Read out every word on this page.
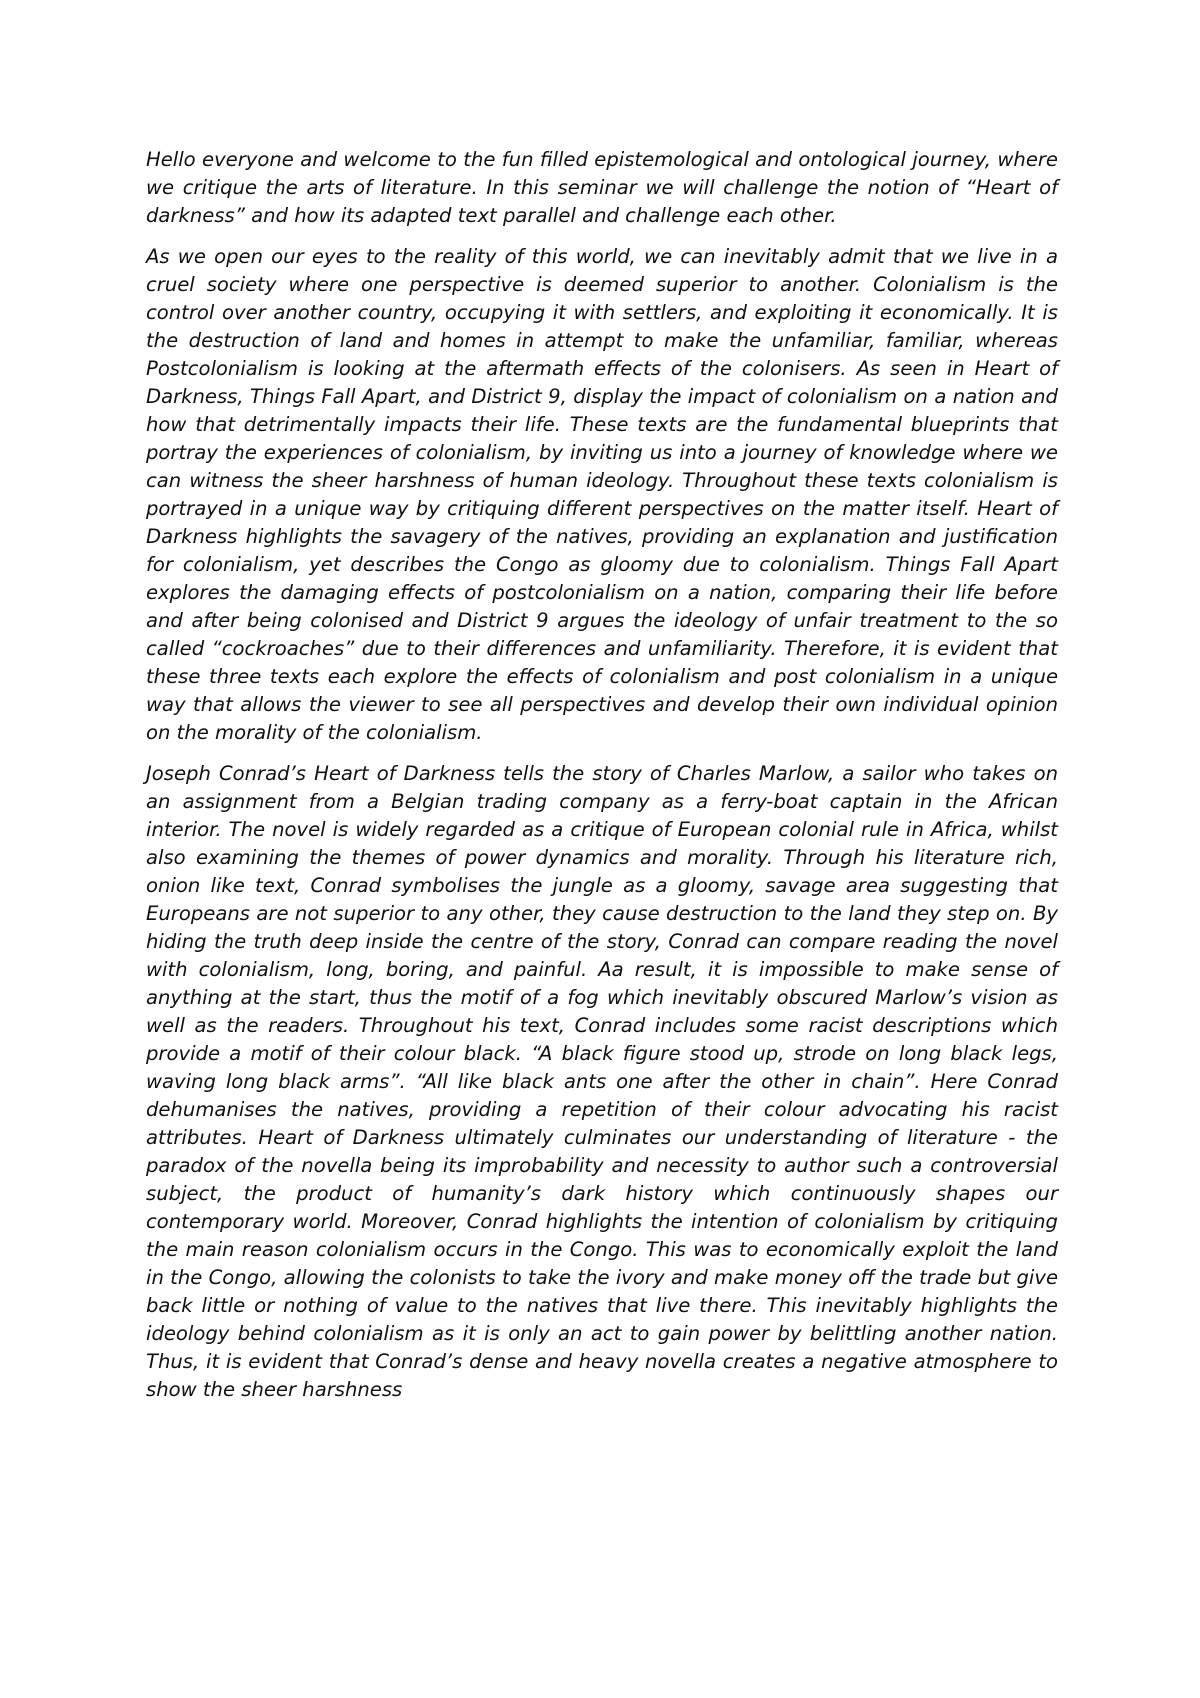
Hello everyone and welcome to the fun filled epistemological and ontological journey, where we critique the arts of literature. In this seminar we will challenge the notion of “Heart of darkness” and how its adapted text parallel and challenge each other.

As we open our eyes to the reality of this world, we can inevitably admit that we live in a cruel society where one perspective is deemed superior to another. Colonialism is the control over another country, occupying it with settlers, and exploiting it economically. It is the destruction of land and homes in attempt to make the unfamiliar, familiar, whereas Postcolonialism is looking at the aftermath effects of the colonisers. As seen in Heart of Darkness, Things Fall Apart, and District 9, display the impact of colonialism on a nation and how that detrimentally impacts their life. These texts are the fundamental blueprints that portray the experiences of colonialism, by inviting us into a journey of knowledge where we can witness the sheer harshness of human ideology. Throughout these texts colonialism is portrayed in a unique way by critiquing different perspectives on the matter itself. Heart of Darkness highlights the savagery of the natives, providing an explanation and justification for colonialism, yet describes the Congo as gloomy due to colonialism. Things Fall Apart explores the damaging effects of postcolonialism on a nation, comparing their life before and after being colonised and District 9 argues the ideology of unfair treatment to the so called “cockroaches” due to their differences and unfamiliarity. Therefore, it is evident that these three texts each explore the effects of colonialism and post colonialism in a unique way that allows the viewer to see all perspectives and develop their own individual opinion on the morality of the colonialism.

Joseph Conrad’s Heart of Darkness tells the story of Charles Marlow, a sailor who takes on an assignment from a Belgian trading company as a ferry-boat captain in the African interior. The novel is widely regarded as a critique of European colonial rule in Africa, whilst also examining the themes of power dynamics and morality. Through his literature rich, onion like text, Conrad symbolises the jungle as a gloomy, savage area suggesting that Europeans are not superior to any other, they cause destruction to the land they step on. By hiding the truth deep inside the centre of the story, Conrad can compare reading the novel with colonialism, long, boring, and painful. Aa result, it is impossible to make sense of anything at the start, thus the motif of a fog which inevitably obscured Marlow’s vision as well as the readers. Throughout his text, Conrad includes some racist descriptions which provide a motif of their colour black. “A black figure stood up, strode on long black legs, waving long black arms”. “All like black ants one after the other in chain”. Here Conrad dehumanises the natives, providing a repetition of their colour advocating his racist attributes. Heart of Darkness ultimately culminates our understanding of literature - the paradox of the novella being its improbability and necessity to author such a controversial subject, the product of humanity’s dark history which continuously shapes our contemporary world. Moreover, Conrad highlights the intention of colonialism by critiquing the main reason colonialism occurs in the Congo. This was to economically exploit the land in the Congo, allowing the colonists to take the ivory and make money off the trade but give back little or nothing of value to the natives that live there. This inevitably highlights the ideology behind colonialism as it is only an act to gain power by belittling another nation. Thus, it is evident that Conrad’s dense and heavy novella creates a negative atmosphere to show the sheer harshness
